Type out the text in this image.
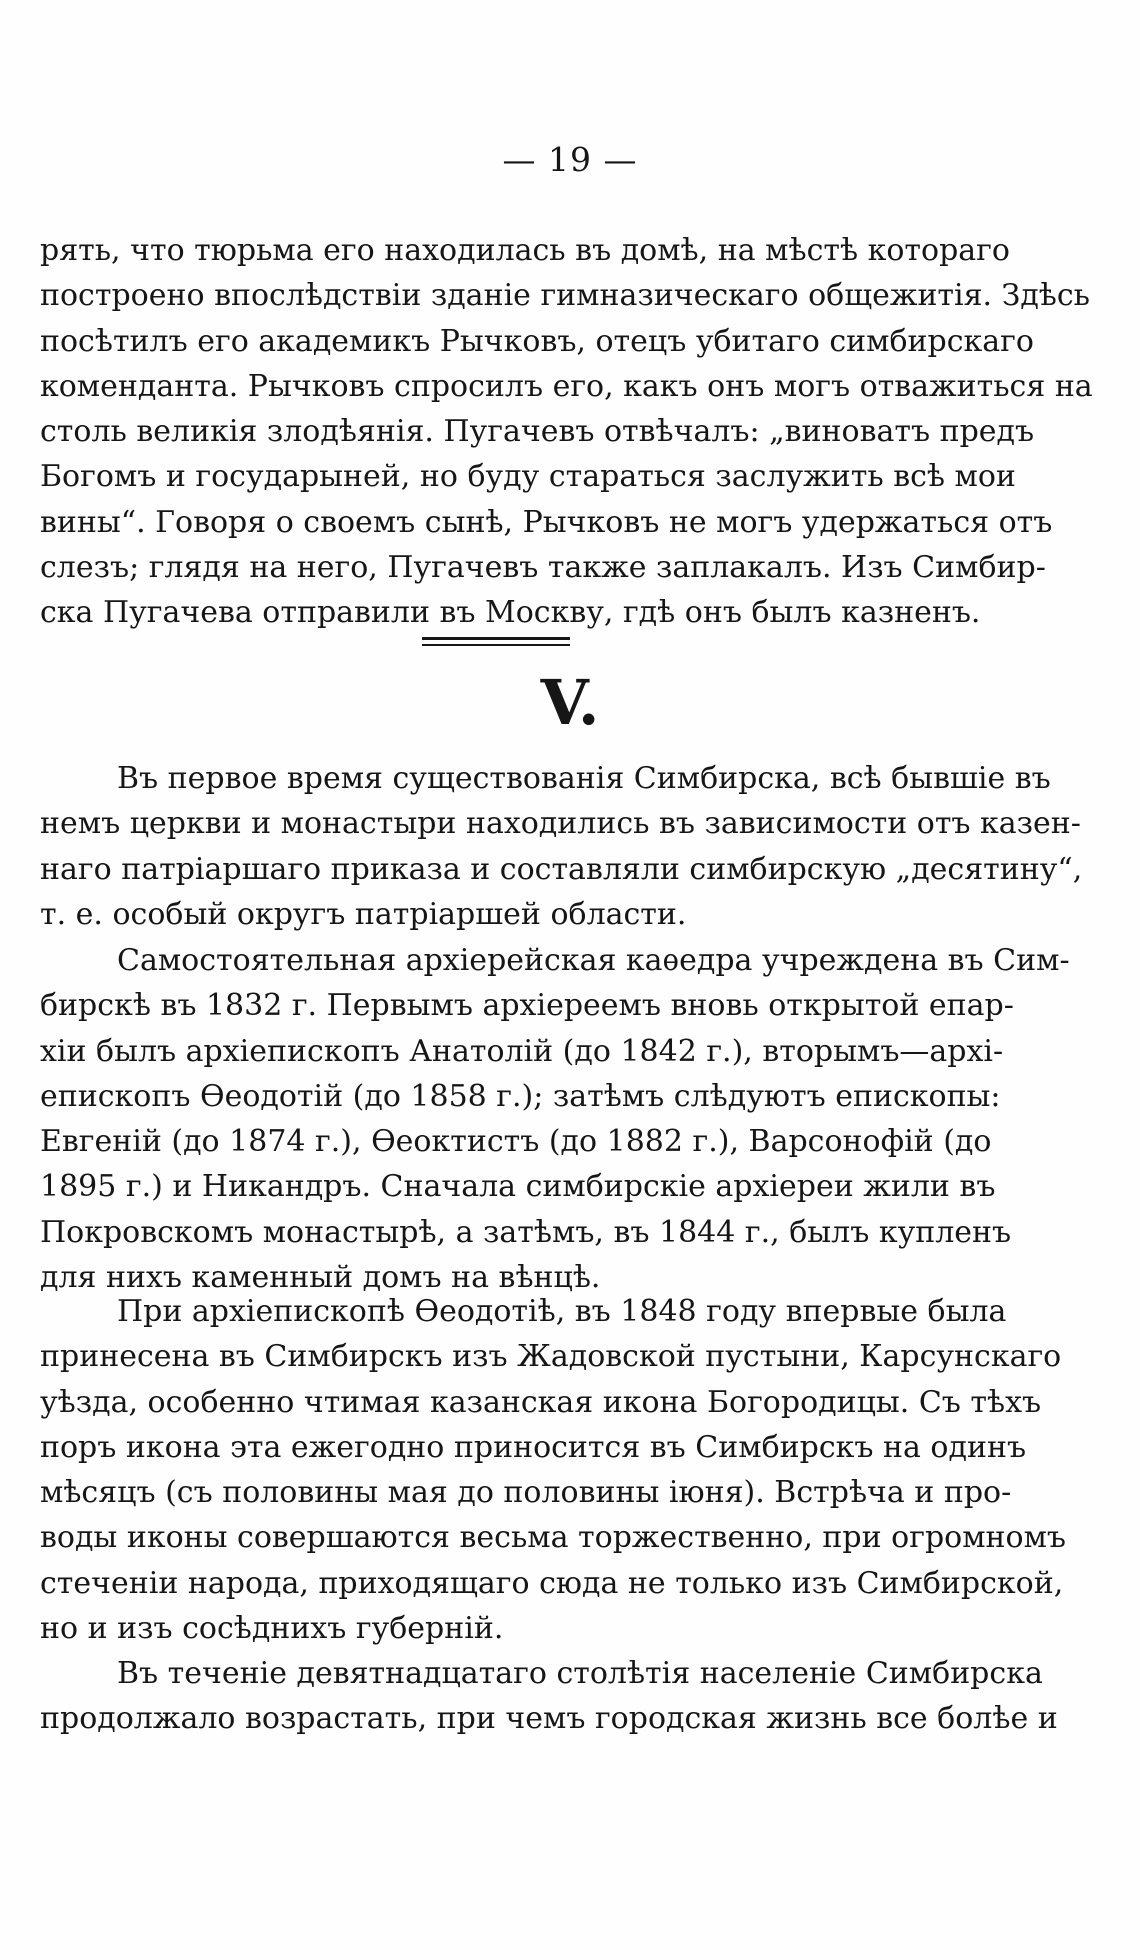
— 19 —
рять, что тюрьма его находилась въ домѣ, на мѣстѣ котораго
построено впослѣдствіи зданіе гимназическаго общежитія. Здѣсь
посѣтилъ его академикъ Рычковъ, отецъ убитаго симбирскаго
коменданта. Рычковъ спросилъ его, какъ онъ могъ отважиться на
столь великія злодѣянія. Пугачевъ отвѣчалъ: „виноватъ предъ
Богомъ и государыней, но буду стараться заслужить всѣ мои
вины“. Говоря о своемъ сынѣ, Рычковъ не могъ удержаться отъ
слезъ; глядя на него, Пугачевъ также заплакалъ. Изъ Симбир-
ска Пугачева отправили въ Москву, гдѣ онъ былъ казненъ.
V.
Въ первое время существованія Симбирска, всѣ бывшіе въ
немъ церкви и монастыри находились въ зависимости отъ казен-
наго патріаршаго приказа и составляли симбирскую „десятину“,
т. е. особый округъ патріаршей области.
Самостоятельная архіерейская каѳедра учреждена въ Сим-
бирскѣ въ 1832 г. Первымъ архіереемъ вновь открытой епар-
хіи былъ архіепископъ Анатолій (до 1842 г.), вторымъ—архі-
епископъ Ѳеодотій (до 1858 г.); затѣмъ слѣдуютъ епископы:
Евгеній (до 1874 г.), Ѳеоктистъ (до 1882 г.), Варсонофій (до
1895 г.) и Никандръ. Сначала симбирскіе архіереи жили въ
Покровскомъ монастырѣ, а затѣмъ, въ 1844 г., былъ купленъ
для нихъ каменный домъ на вѣнцѣ.
При архіепископѣ Ѳеодотіѣ, въ 1848 году впервые была
принесена въ Симбирскъ изъ Жадовской пустыни, Карсунскаго
уѣзда, особенно чтимая казанская икона Богородицы. Съ тѣхъ
поръ икона эта ежегодно приносится въ Симбирскъ на одинъ
мѣсяцъ (съ половины мая до половины іюня). Встрѣча и про-
воды иконы совершаются весьма торжественно, при огромномъ
стеченіи народа, приходящаго сюда не только изъ Симбирской,
но и изъ сосѣднихъ губерній.
Въ теченіе девятнадцатаго столѣтія населеніе Симбирска
продолжало возрастать, при чемъ городская жизнь все болѣе и
